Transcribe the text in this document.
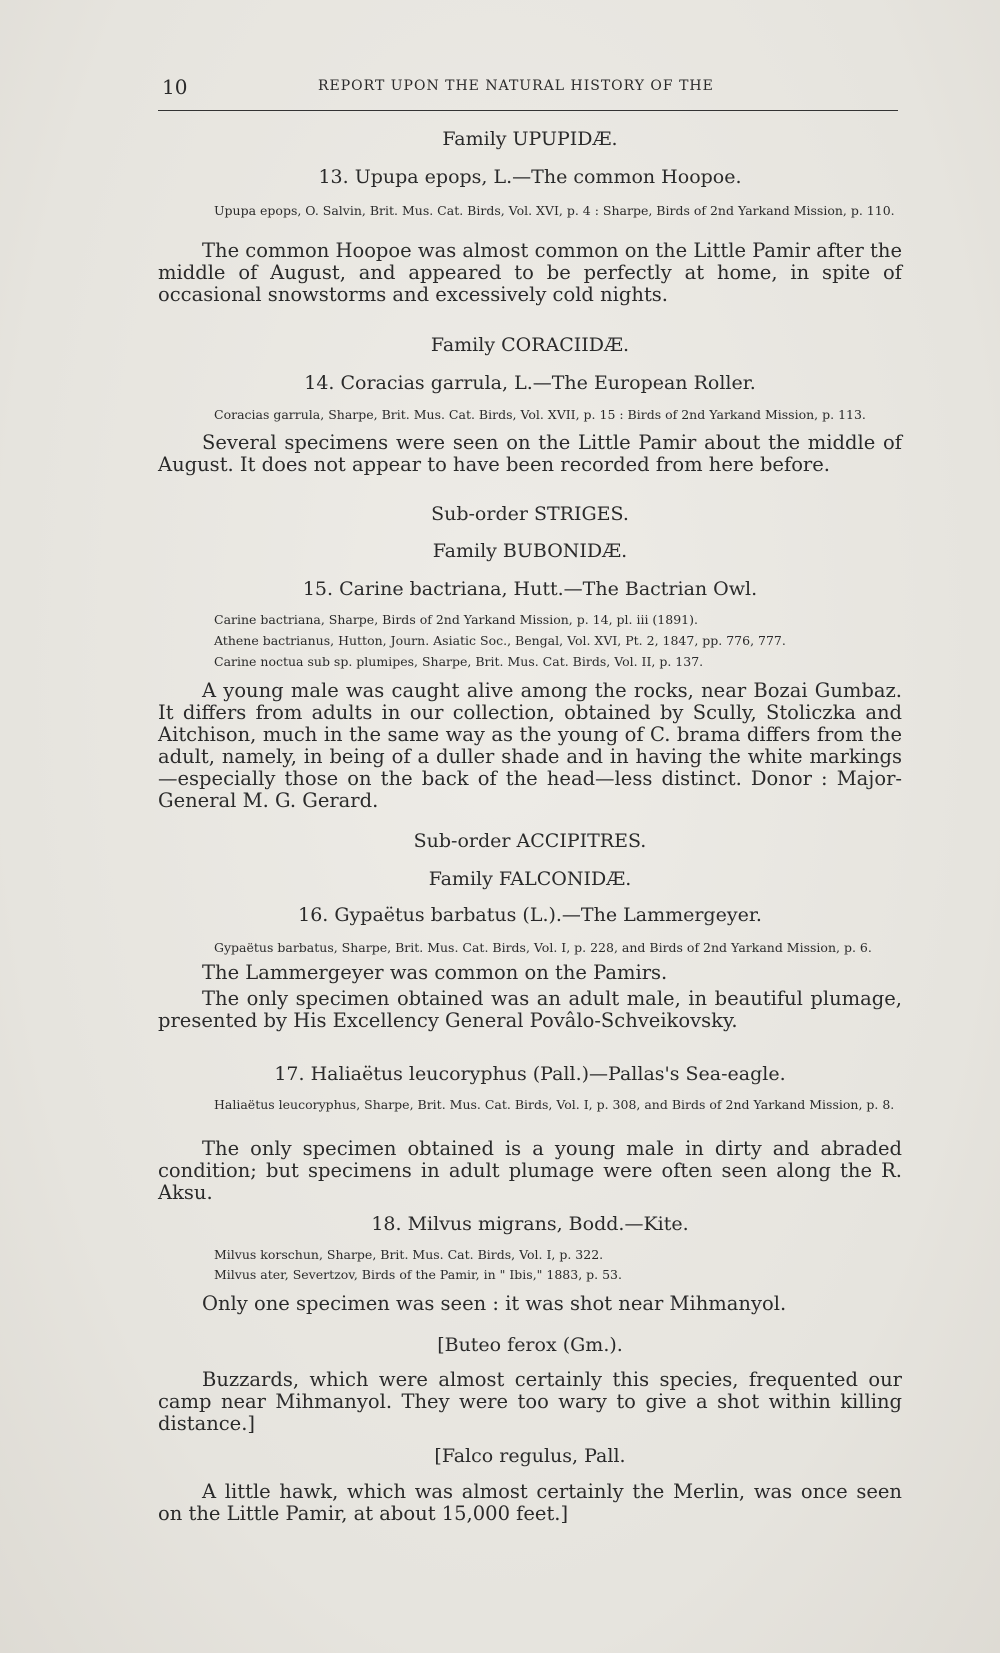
10	REPORT UPON THE NATURAL HISTORY OF THE

Family UPUPIDÆ.

13. Upupa epops, L.—The common Hoopoe.

Upupa epops, O. Salvin, Brit. Mus. Cat. Birds, Vol. XVI, p. 4 : Sharpe, Birds of 2nd Yarkand Mission, p. 110.

The common Hoopoe was almost common on the Little Pamir after the middle of August, and appeared to be perfectly at home, in spite of occasional snowstorms and excessively cold nights.

Family CORACIIDÆ.

14. Coracias garrula, L.—The European Roller.

Coracias garrula, Sharpe, Brit. Mus. Cat. Birds, Vol. XVII, p. 15 : Birds of 2nd Yarkand Mission, p. 113.

Several specimens were seen on the Little Pamir about the middle of August. It does not appear to have been recorded from here before.

Sub-order STRIGES.

Family BUBONIDÆ.

15. Carine bactriana, Hutt.—The Bactrian Owl.

Carine bactriana, Sharpe, Birds of 2nd Yarkand Mission, p. 14, pl. iii (1891).

Athene bactrianus, Hutton, Journ. Asiatic Soc., Bengal, Vol. XVI, Pt. 2, 1847, pp. 776, 777.

Carine noctua sub sp. plumipes, Sharpe, Brit. Mus. Cat. Birds, Vol. II, p. 137.

A young male was caught alive among the rocks, near Bozai Gumbaz. It differs from adults in our collection, obtained by Scully, Stoliczka and Aitchison, much in the same way as the young of C. brama differs from the adult, namely, in being of a duller shade and in having the white markings—especially those on the back of the head—less distinct. Donor : Major-General M. G. Gerard.

Sub-order ACCIPITRES.

Family FALCONIDÆ.

16. Gypaëtus barbatus (L.).—The Lammergeyer.

Gypaëtus barbatus, Sharpe, Brit. Mus. Cat. Birds, Vol. I, p. 228, and Birds of 2nd Yarkand Mission, p. 6.

The Lammergeyer was common on the Pamirs.

The only specimen obtained was an adult male, in beautiful plumage, presented by His Excellency General Povâlo-Schveikovsky.

17. Haliaëtus leucoryphus (Pall.)—Pallas's Sea-eagle.

Haliaëtus leucoryphus, Sharpe, Brit. Mus. Cat. Birds, Vol. I, p. 308, and Birds of 2nd Yarkand Mission, p. 8.

The only specimen obtained is a young male in dirty and abraded condition; but specimens in adult plumage were often seen along the R. Aksu.

18. Milvus migrans, Bodd.—Kite.

Milvus korschun, Sharpe, Brit. Mus. Cat. Birds, Vol. I, p. 322.

Milvus ater, Severtzov, Birds of the Pamir, in " Ibis," 1883, p. 53.

Only one specimen was seen : it was shot near Mihmanyol.

[Buteo ferox (Gm.).

Buzzards, which were almost certainly this species, frequented our camp near Mihmanyol. They were too wary to give a shot within killing distance.]

[Falco regulus, Pall.

A little hawk, which was almost certainly the Merlin, was once seen on the Little Pamir, at about 15,000 feet.]
